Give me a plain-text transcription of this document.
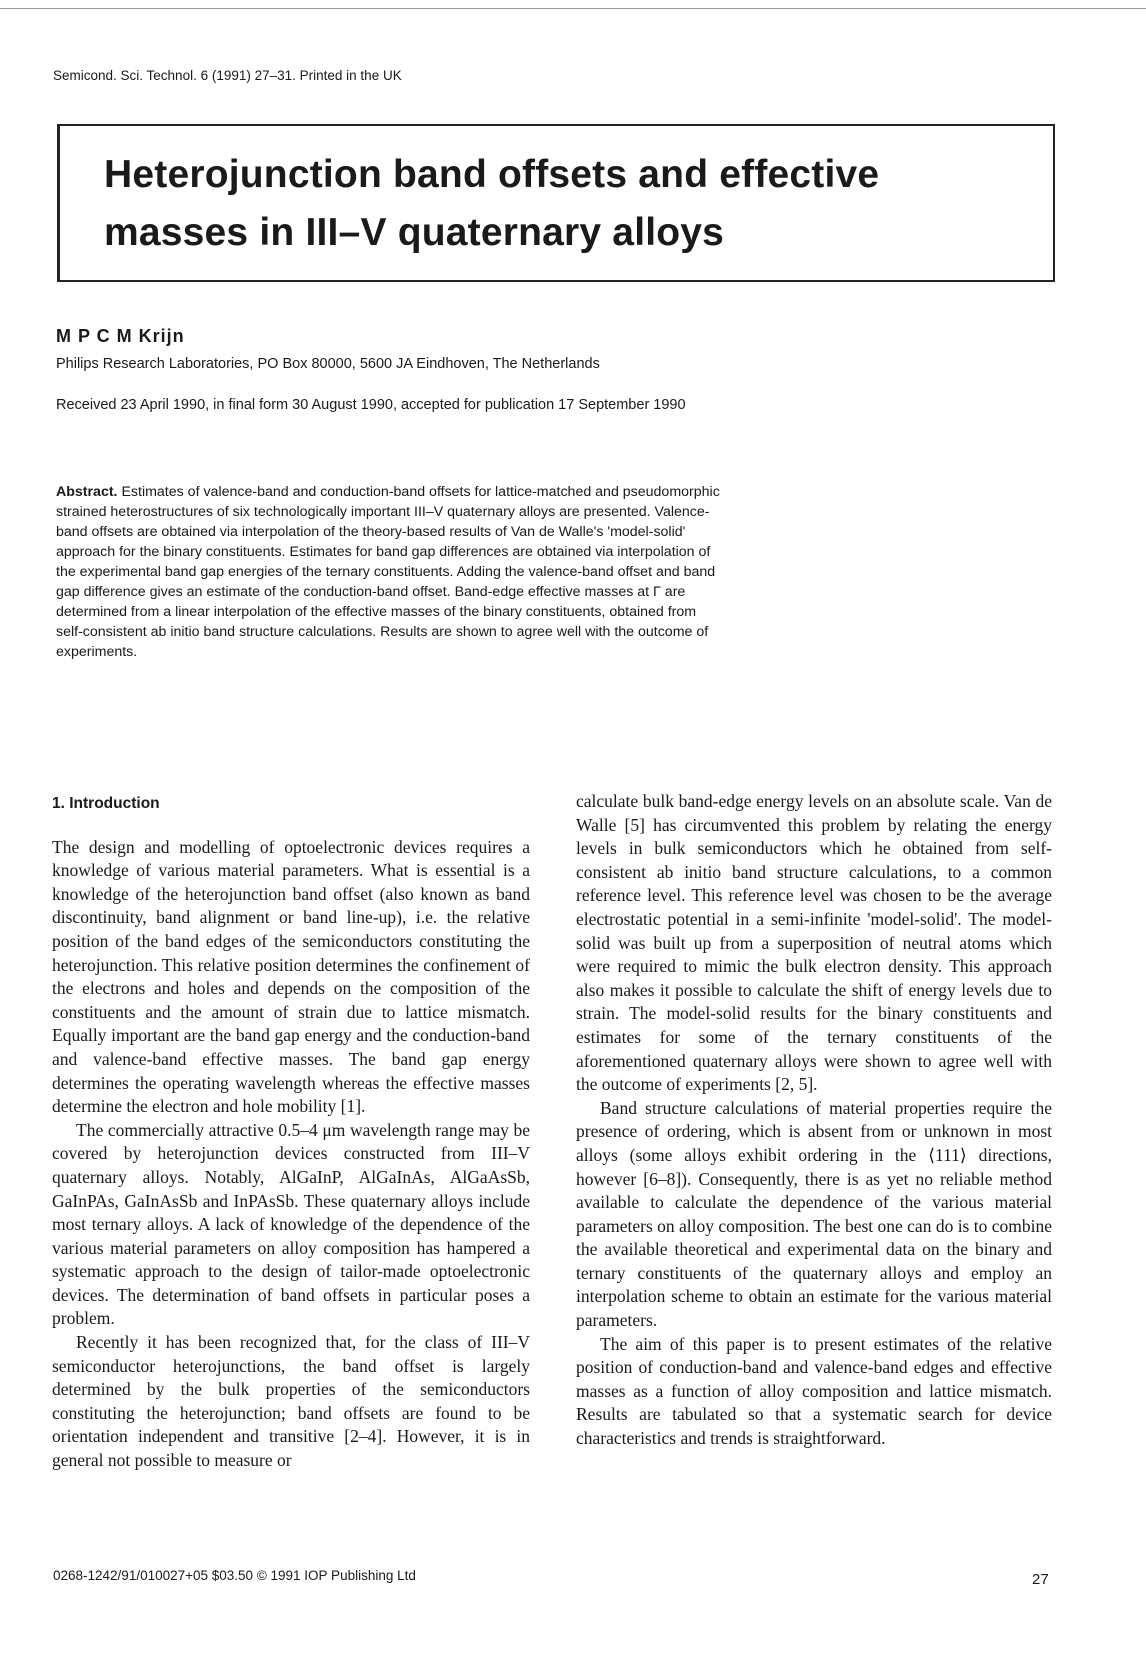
Semicond. Sci. Technol. 6 (1991) 27–31. Printed in the UK
Heterojunction band offsets and effective masses in III–V quaternary alloys
M P C M Krijn
Philips Research Laboratories, PO Box 80000, 5600 JA Eindhoven, The Netherlands
Received 23 April 1990, in final form 30 August 1990, accepted for publication 17 September 1990
Abstract. Estimates of valence-band and conduction-band offsets for lattice-matched and pseudomorphic strained heterostructures of six technologically important III–V quaternary alloys are presented. Valence-band offsets are obtained via interpolation of the theory-based results of Van de Walle's 'model-solid' approach for the binary constituents. Estimates for band gap differences are obtained via interpolation of the experimental band gap energies of the ternary constituents. Adding the valence-band offset and band gap difference gives an estimate of the conduction-band offset. Band-edge effective masses at Γ are determined from a linear interpolation of the effective masses of the binary constituents, obtained from self-consistent ab initio band structure calculations. Results are shown to agree well with the outcome of experiments.
1. Introduction

The design and modelling of optoelectronic devices requires a knowledge of various material parameters. What is essential is a knowledge of the heterojunction band offset (also known as band discontinuity, band alignment or band line-up), i.e. the relative position of the band edges of the semiconductors constituting the heterojunction. This relative position determines the confinement of the electrons and holes and depends on the composition of the constituents and the amount of strain due to lattice mismatch. Equally important are the band gap energy and the conduction-band and valence-band effective masses. The band gap energy determines the operating wavelength whereas the effective masses determine the electron and hole mobility [1].

The commercially attractive 0.5–4 μm wavelength range may be covered by heterojunction devices constructed from III–V quaternary alloys. Notably, AlGaInP, AlGaInAs, AlGaAsSb, GaInPAs, GaInAsSb and InPAsSb. These quaternary alloys include most ternary alloys. A lack of knowledge of the dependence of the various material parameters on alloy composition has hampered a systematic approach to the design of tailor-made optoelectronic devices. The determination of band offsets in particular poses a problem.

Recently it has been recognized that, for the class of III–V semiconductor heterojunctions, the band offset is largely determined by the bulk properties of the semiconductors constituting the heterojunction; band offsets are found to be orientation independent and transitive [2–4]. However, it is in general not possible to measure or

calculate bulk band-edge energy levels on an absolute scale. Van de Walle [5] has circumvented this problem by relating the energy levels in bulk semiconductors which he obtained from self-consistent ab initio band structure calculations, to a common reference level. This reference level was chosen to be the average electrostatic potential in a semi-infinite 'model-solid'. The model-solid was built up from a superposition of neutral atoms which were required to mimic the bulk electron density. This approach also makes it possible to calculate the shift of energy levels due to strain. The model-solid results for the binary constituents and estimates for some of the ternary constituents of the aforementioned quaternary alloys were shown to agree well with the outcome of experiments [2, 5].

Band structure calculations of material properties require the presence of ordering, which is absent from or unknown in most alloys (some alloys exhibit ordering in the ⟨111⟩ directions, however [6–8]). Consequently, there is as yet no reliable method available to calculate the dependence of the various material parameters on alloy composition. The best one can do is to combine the available theoretical and experimental data on the binary and ternary constituents of the quaternary alloys and employ an interpolation scheme to obtain an estimate for the various material parameters.

The aim of this paper is to present estimates of the relative position of conduction-band and valence-band edges and effective masses as a function of alloy composition and lattice mismatch. Results are tabulated so that a systematic search for device characteristics and trends is straightforward.

0268-1242/91/010027+05 $03.50 © 1991 IOP Publishing Ltd	27
